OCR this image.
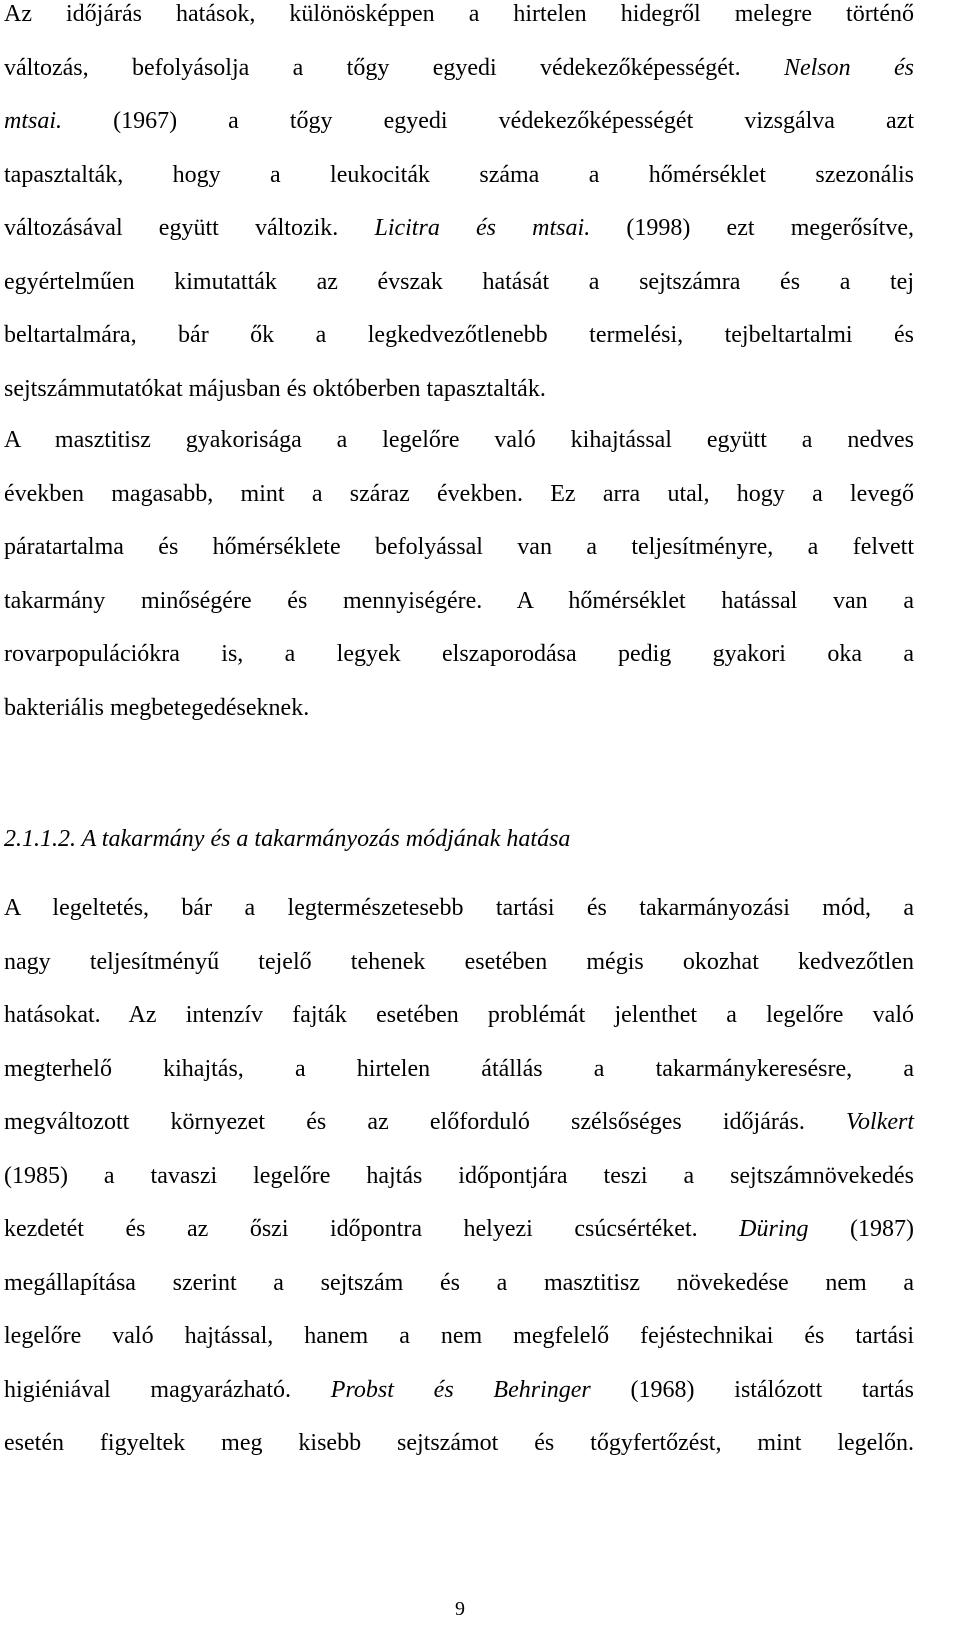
Az időjárás hatások, különösképpen a hirtelen hidegről melegre történő
változás, befolyásolja a tőgy egyedi védekezőképességét. Nelson és
mtsai. (1967) a tőgy egyedi védekezőképességét vizsgálva azt
tapasztalták, hogy a leukociták száma a hőmérséklet szezonális
változásával együtt változik. Licitra és mtsai. (1998) ezt megerősítve,
egyértelműen kimutatták az évszak hatását a sejtszámra és a tej
beltartalmára, bár ők a legkedvezőtlenebb termelési, tejbeltartalmi és
sejtszámmutatókat májusban és októberben tapasztalták.

A masztitisz gyakorisága a legelőre való kihajtással együtt a nedves
években magasabb, mint a száraz években. Ez arra utal, hogy a levegő
páratartalma és hőmérséklete befolyással van a teljesítményre, a felvett
takarmány minőségére és mennyiségére. A hőmérséklet hatással van a
rovarpopulációkra is, a legyek elszaporodása pedig gyakori oka a
bakteriális megbetegedéseknek.

2.1.1.2. A takarmány és a takarmányozás módjának hatása

A legeltetés, bár a legtermészetesebb tartási és takarmányozási mód, a
nagy teljesítményű tejelő tehenek esetében mégis okozhat kedvezőtlen
hatásokat. Az intenzív fajták esetében problémát jelenthet a legelőre való
megterhelő kihajtás, a hirtelen átállás a takarmánykeresésre, a
megváltozott környezet és az előforduló szélsőséges időjárás. Volkert
(1985) a tavaszi legelőre hajtás időpontjára teszi a sejtszámnövekedés
kezdetét és az őszi időpontra helyezi csúcsértéket. Düring (1987)
megállapítása szerint a sejtszám és a masztitisz növekedése nem a
legelőre való hajtással, hanem a nem megfelelő fejéstechnikai és tartási
higiéniával magyarázható. Probst és Behringer (1968) istálózott tartás
esetén figyeltek meg kisebb sejtszámot és tőgyfertőzést, mint legelőn.

9
